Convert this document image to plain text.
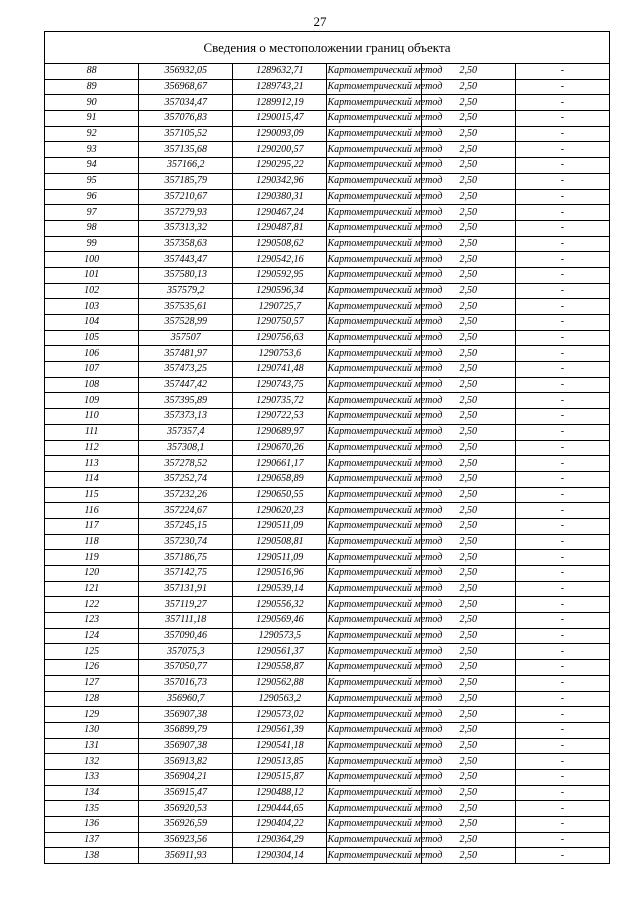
27
Сведения о местоположении границ объекта					
88	356932,05	1289632,71	Картометрический метод	2,50	-
89	356968,67	1289743,21	Картометрический метод	2,50	-
90	357034,47	1289912,19	Картометрический метод	2,50	-
91	357076,83	1290015,47	Картометрический метод	2,50	-
92	357105,52	1290093,09	Картометрический метод	2,50	-
93	357135,68	1290200,57	Картометрический метод	2,50	-
94	357166,2	1290295,22	Картометрический метод	2,50	-
95	357185,79	1290342,96	Картометрический метод	2,50	-
96	357210,67	1290380,31	Картометрический метод	2,50	-
97	357279,93	1290467,24	Картометрический метод	2,50	-
98	357313,32	1290487,81	Картометрический метод	2,50	-
99	357358,63	1290508,62	Картометрический метод	2,50	-
100	357443,47	1290542,16	Картометрический метод	2,50	-
101	357580,13	1290592,95	Картометрический метод	2,50	-
102	357579,2	1290596,34	Картометрический метод	2,50	-
103	357535,61	1290725,7	Картометрический метод	2,50	-
104	357528,99	1290750,57	Картометрический метод	2,50	-
105	357507	1290756,63	Картометрический метод	2,50	-
106	357481,97	1290753,6	Картометрический метод	2,50	-
107	357473,25	1290741,48	Картометрический метод	2,50	-
108	357447,42	1290743,75	Картометрический метод	2,50	-
109	357395,89	1290735,72	Картометрический метод	2,50	-
110	357373,13	1290722,53	Картометрический метод	2,50	-
111	357357,4	1290689,97	Картометрический метод	2,50	-
112	357308,1	1290670,26	Картометрический метод	2,50	-
113	357278,52	1290661,17	Картометрический метод	2,50	-
114	357252,74	1290658,89	Картометрический метод	2,50	-
115	357232,26	1290650,55	Картометрический метод	2,50	-
116	357224,67	1290620,23	Картометрический метод	2,50	-
117	357245,15	1290511,09	Картометрический метод	2,50	-
118	357230,74	1290508,81	Картометрический метод	2,50	-
119	357186,75	1290511,09	Картометрический метод	2,50	-
120	357142,75	1290516,96	Картометрический метод	2,50	-
121	357131,91	1290539,14	Картометрический метод	2,50	-
122	357119,27	1290556,32	Картометрический метод	2,50	-
123	357111,18	1290569,46	Картометрический метод	2,50	-
124	357090,46	1290573,5	Картометрический метод	2,50	-
125	357075,3	1290561,37	Картометрический метод	2,50	-
126	357050,77	1290558,87	Картометрический метод	2,50	-
127	357016,73	1290562,88	Картометрический метод	2,50	-
128	356960,7	1290563,2	Картометрический метод	2,50	-
129	356907,38	1290573,02	Картометрический метод	2,50	-
130	356899,79	1290561,39	Картометрический метод	2,50	-
131	356907,38	1290541,18	Картометрический метод	2,50	-
132	356913,82	1290513,85	Картометрический метод	2,50	-
133	356904,21	1290515,87	Картометрический метод	2,50	-
134	356915,47	1290488,12	Картометрический метод	2,50	-
135	356920,53	1290444,65	Картометрический метод	2,50	-
136	356926,59	1290404,22	Картометрический метод	2,50	-
137	356923,56	1290364,29	Картометрический метод	2,50	-
138	356911,93	1290304,14	Картометрический метод	2,50	-
